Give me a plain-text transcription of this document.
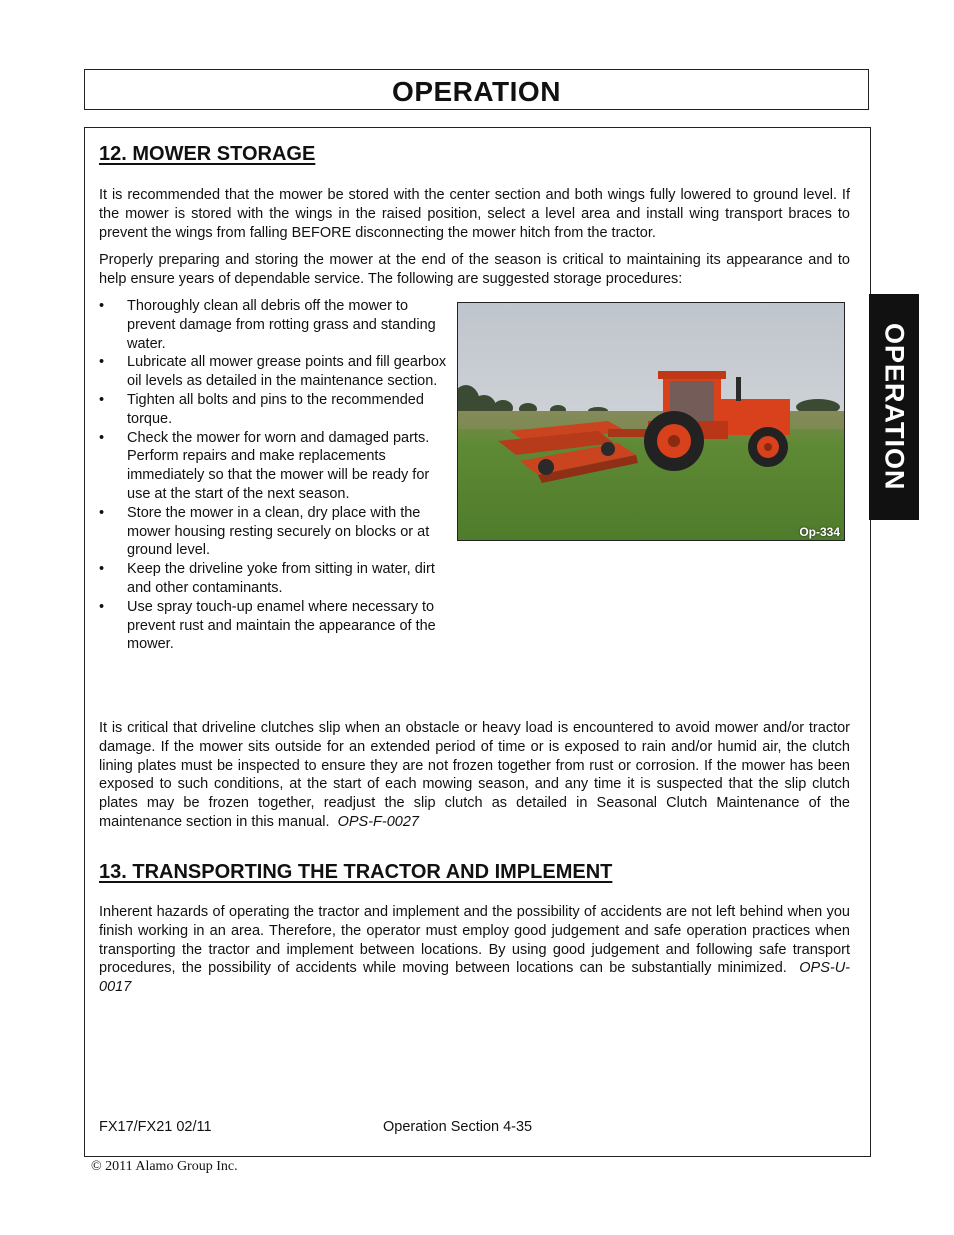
OPERATION
OPERATION
12. MOWER STORAGE

It is recommended that the mower be stored with the center section and both wings fully lowered to ground level. If the mower is stored with the wings in the raised position, select a level area and install wing transport braces to prevent the wings from falling BEFORE disconnecting the mower hitch from the tractor.

Properly preparing and storing the mower at the end of the season is critical to maintaining its appearance and to help ensure years of dependable service. The following are suggested storage procedures:

• Thoroughly clean all debris off the mower to prevent damage from rotting grass and standing water.
• Lubricate all mower grease points and fill gearbox oil levels as detailed in the maintenance section.
• Tighten all bolts and pins to the recommended torque.
• Check the mower for worn and damaged parts. Perform repairs and make replacements immediately so that the mower will be ready for use at the start of the next season.
• Store the mower in a clean, dry place with the mower housing resting securely on blocks or at ground level.
• Keep the driveline yoke from sitting in water, dirt and other contaminants.
• Use spray touch-up enamel where necessary to prevent rust and maintain the appearance of the mower.
Op-334

It is critical that driveline clutches slip when an obstacle or heavy load is encountered to avoid mower and/or tractor damage. If the mower sits outside for an extended period of time or is exposed to rain and/or humid air, the clutch lining plates must be inspected to ensure they are not frozen together from rust or corrosion. If the mower has been exposed to such conditions, at the start of each mowing season, and any time it is suspected that the slip clutch plates may be frozen together, readjust the slip clutch as detailed in Seasonal Clutch Maintenance of the maintenance section in this manual. OPS-F-0027

13. TRANSPORTING THE TRACTOR AND IMPLEMENT

Inherent hazards of operating the tractor and implement and the possibility of accidents are not left behind when you finish working in an area. Therefore, the operator must employ good judgement and safe operation practices when transporting the tractor and implement between locations. By using good judgement and following safe transport procedures, the possibility of accidents while moving between locations can be substantially minimized. OPS-U- 0017

FX17/FX21 02/11	Operation Section 4-35
© 2011 Alamo Group Inc.
